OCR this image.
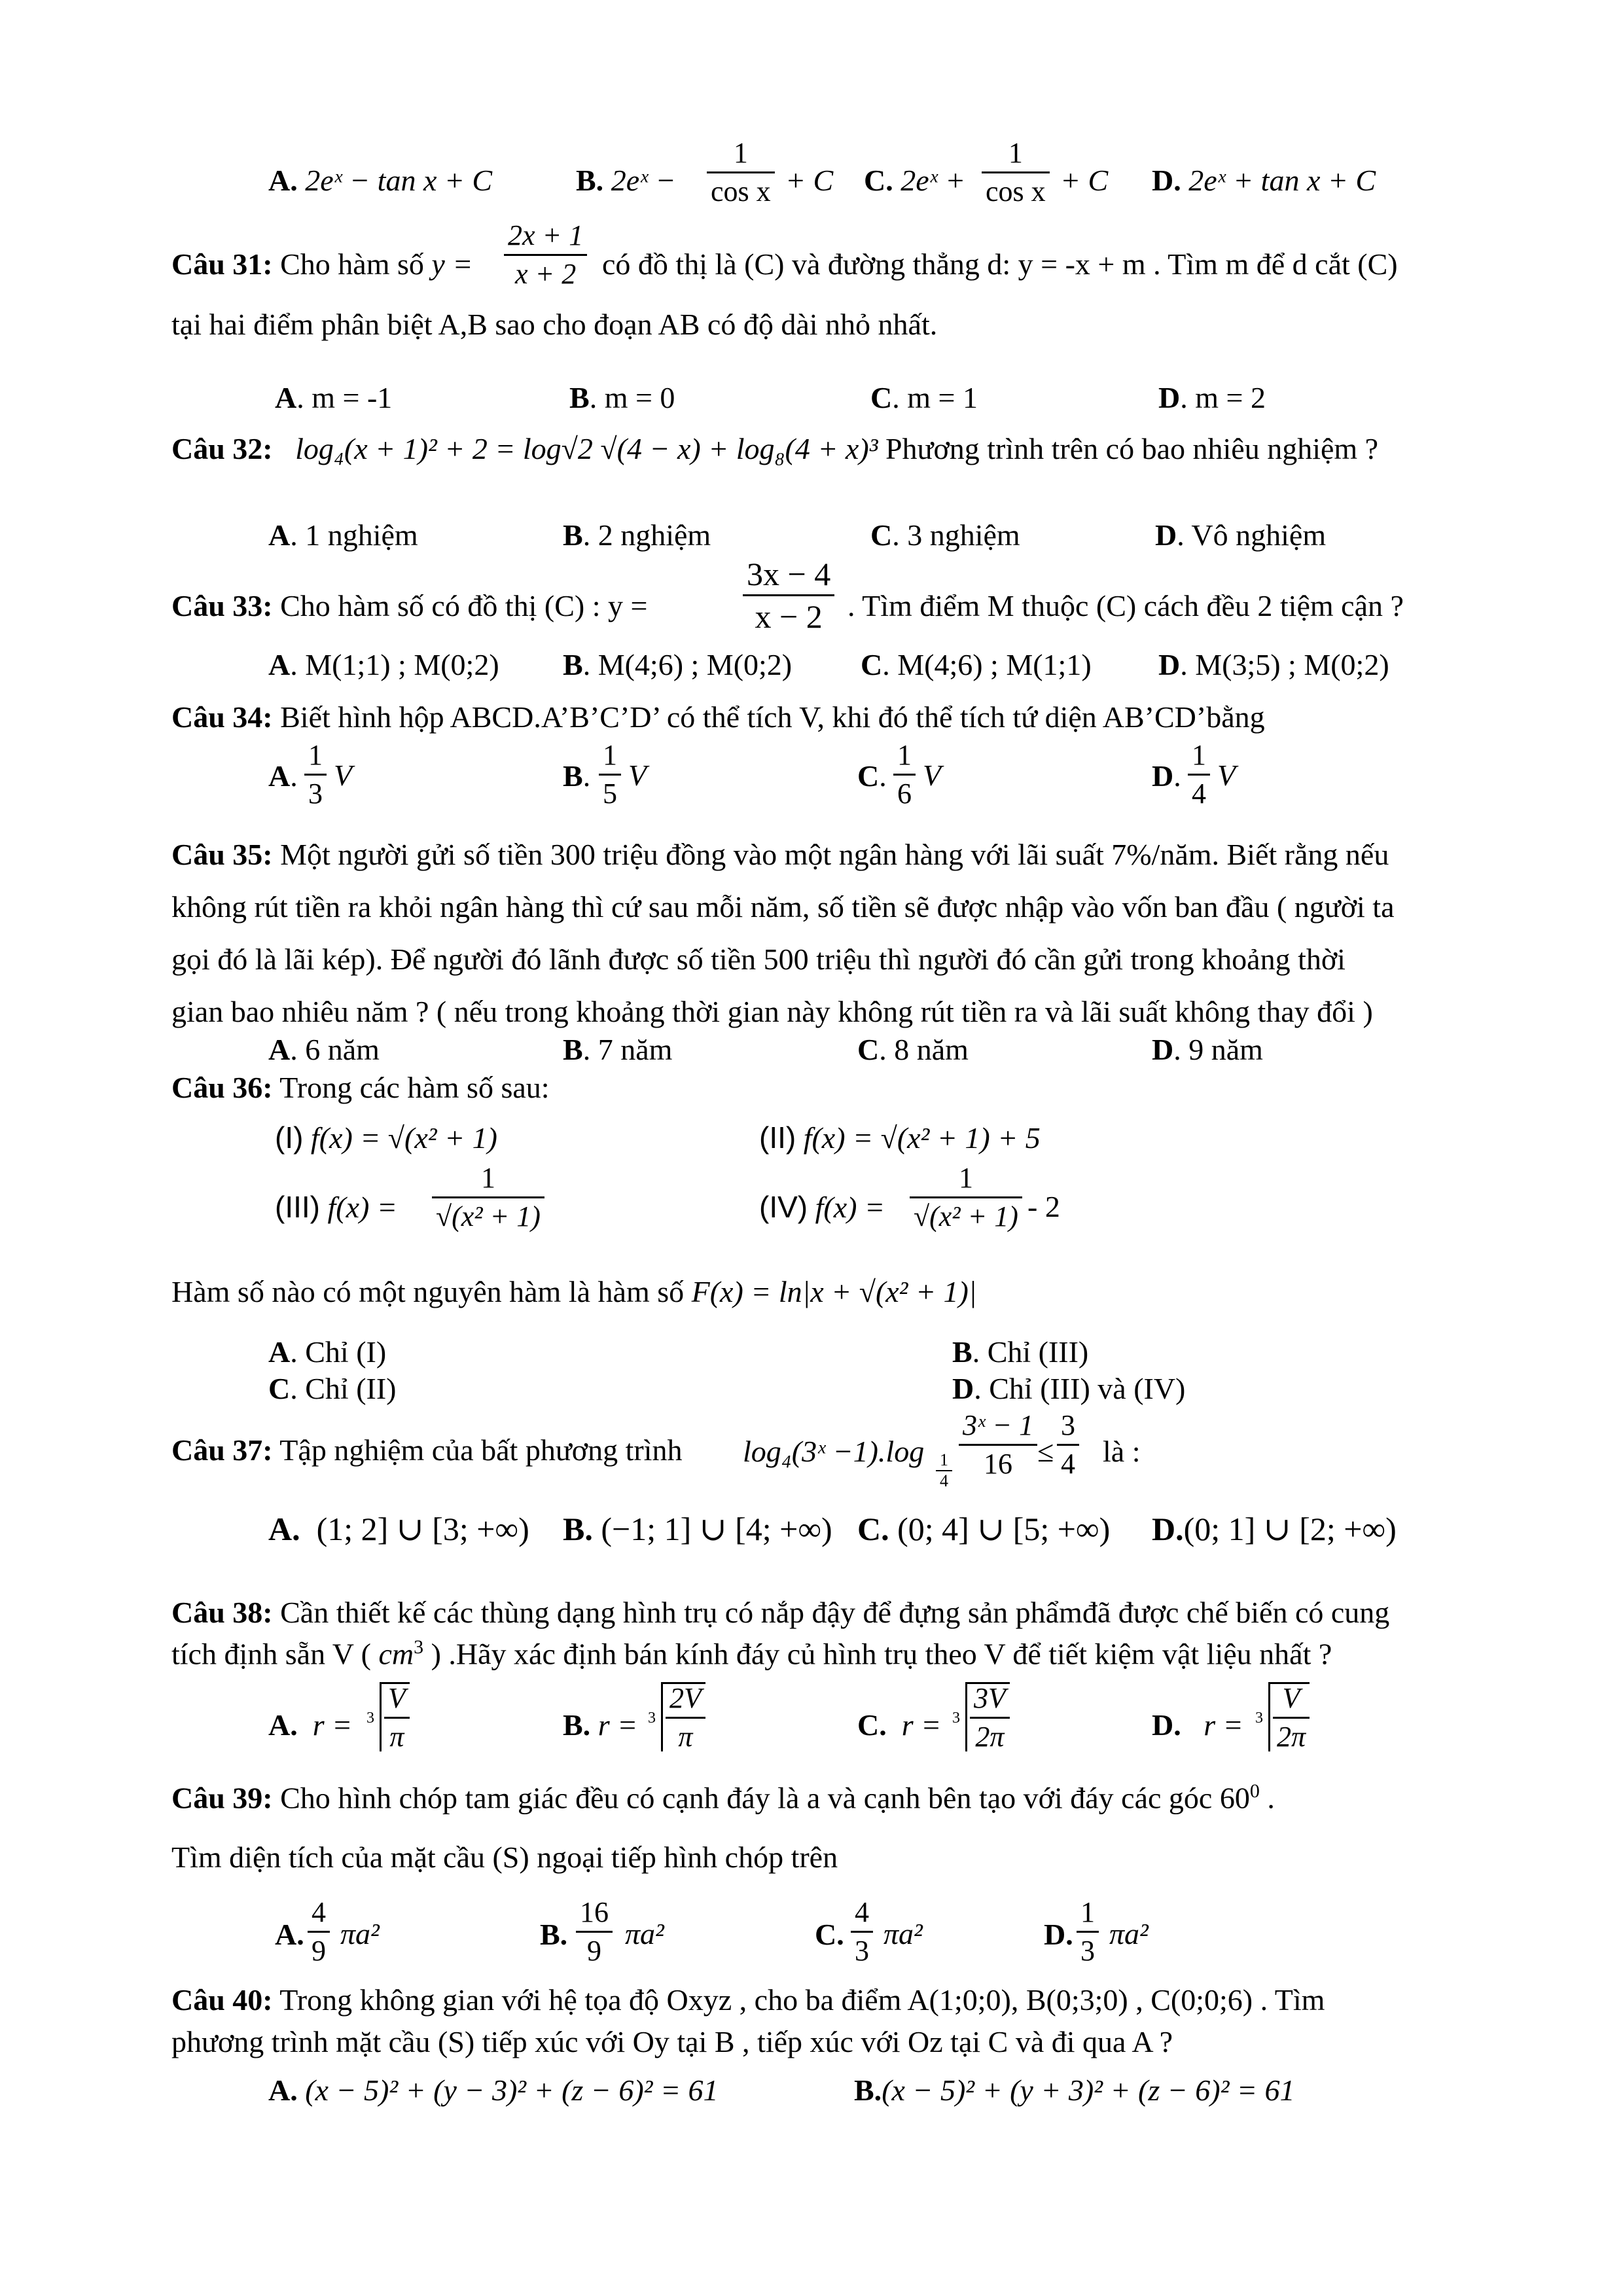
A. 2eˣ − tan x + C	B. 2eˣ −
1
cos x + C C. 2eˣ +
1
cos x + C D. 2eˣ + tan x + C
Câu 31: Cho hàm số y =
2x + 1
x + 2 có đồ thị là (C) và đường thẳng d: y = -x + m . Tìm m để d cắt (C)
tại hai điểm phân biệt A,B sao cho đoạn AB có độ dài nhỏ nhất.
A. m = -1	B. m = 0	C. m = 1	D. m = 2
Câu 32: log₄(x + 1)² + 2 = log√2 √(4 − x) + log₈(4 + x)³ Phương trình trên có bao nhiêu nghiệm ?
A. 1 nghiệm	B. 2 nghiệm	C. 3 nghiệm	D. Vô nghiệm
Câu 33: Cho hàm số có đồ thị (C) : y =
3x − 4
x − 2 . Tìm điểm M thuộc (C) cách đều 2 tiệm cận ?
A. M(1;1) ; M(0;2) B. M(4;6) ; M(0;2) C. M(4;6) ; M(1;1) D. M(3;5) ; M(0;2)
Câu 34: Biết hình hộp ABCD.A’B’C’D’ có thể tích V, khi đó thể tích tứ diện AB’CD’bằng
A.
1
3
V	B.
1
5
V	C.
1
6
V	D.
1
4
V
Câu 35: Một người gửi số tiền 300 triệu đồng vào một ngân hàng với lãi suất 7%/năm. Biết rằng nếu
không rút tiền ra khỏi ngân hàng thì cứ sau mỗi năm, số tiền sẽ được nhập vào vốn ban đầu ( người ta
gọi đó là lãi kép). Để người đó lãnh được số tiền 500 triệu thì người đó cần gửi trong khoảng thời
gian bao nhiêu năm ? ( nếu trong khoảng thời gian này không rút tiền ra và lãi suất không thay đổi )
A. 6 năm	B. 7 năm	C. 8 năm	D. 9 năm
Câu 36: Trong các hàm số sau:
(I) f(x) = √(x² + 1)	(II) f(x) = √(x² + 1) + 5
(III) f(x) =
1
√(x² + 1)	(IV) f(x) =
1
√(x² + 1) - 2
Hàm số nào có một nguyên hàm là hàm số F(x) = ln|x + √(x² + 1)|
A. Chỉ (I)	B. Chỉ (III)
C. Chỉ (II)	D. Chỉ (III) và (IV)
Câu 37: Tập nghiệm của bất phương trình log₄(3ˣ −1).log 1
4
3ˣ − 1
16 ≤
3
4 là :
A. (1; 2] ∪ [3; +∞) B. (−1; 1] ∪ [4; +∞) C. (0; 4] ∪ [5; +∞) D.(0; 1] ∪ [2; +∞)
Câu 38: Cần thiết kế các thùng dạng hình trụ có nắp đậy để đựng sản phẩmđã được chế biến có cung
tích định sẵn V ( $cm^3$ ) .Hãy xác định bán kính đáy củ hình trụ theo V để tiết kiệm vật liệu nhất ?
A. r = 3
V
π	B. r = 3
2V
π	C. r = 3
3V
2π	D. r = 3
V
2π
Câu 39: Cho hình chóp tam giác đều có cạnh đáy là a và cạnh bên tạo với đáy các góc $60^0$ .
Tìm diện tích của mặt cầu (S) ngoại tiếp hình chóp trên
A.
4
9
πa²	B.
16
9
πa²	C.
4
3
πa²	D.
1
3
πa²
Câu 40: Trong không gian với hệ tọa độ Oxyz , cho ba điểm A(1;0;0), B(0;3;0) , C(0;0;6) . Tìm
phương trình mặt cầu (S) tiếp xúc với Oy tại B , tiếp xúc với Oz tại C và đi qua A ?
A. (x − 5)² + (y − 3)² + (z − 6)² = 61	B.(x − 5)² + (y + 3)² + (z − 6)² = 61
